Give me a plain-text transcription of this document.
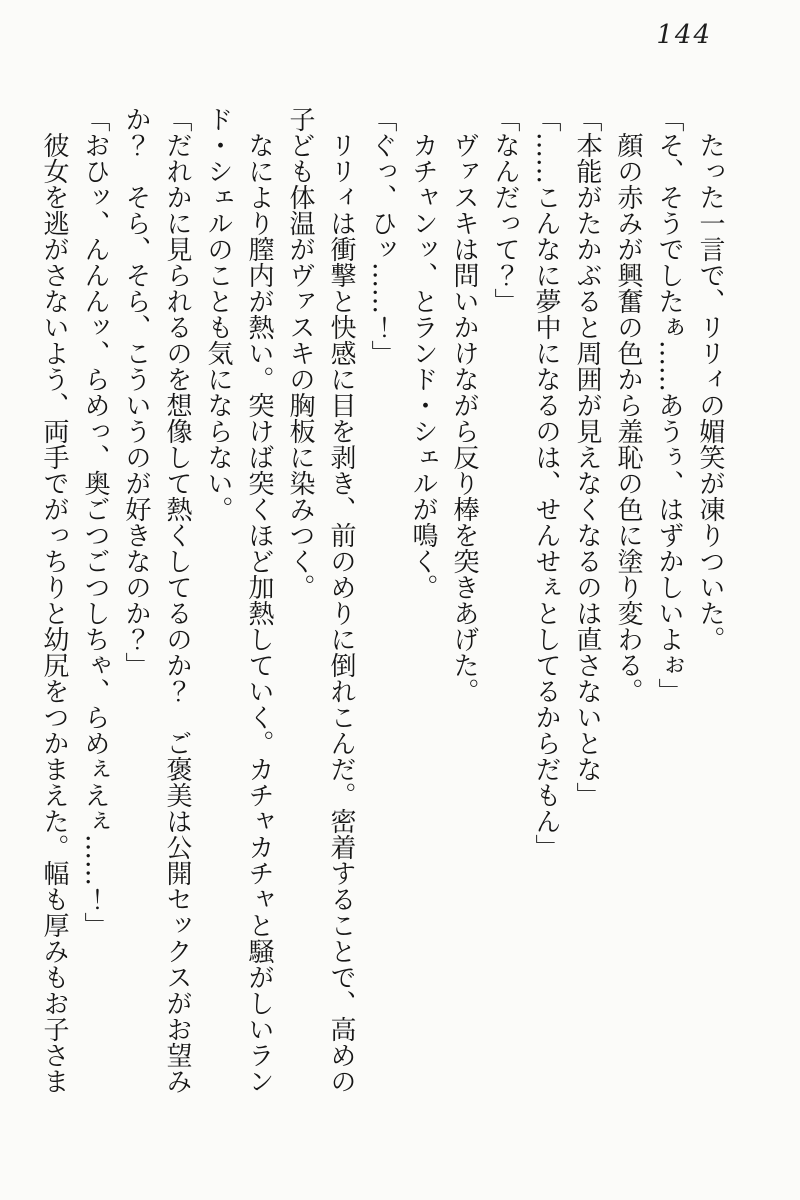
144
　たった一言で、リリィの媚笑が凍りついた。
「そ、そうでしたぁ……あうぅ、はずかしいよぉ」
　顔の赤みが興奮の色から羞恥の色に塗り変わる。
「本能がたかぶると周囲が見えなくなるのは直さないとな」
「……こんなに夢中になるのは、せんせぇとしてるからだもん」
「なんだって？」
　ヴァスキは問いかけながら反り棒を突きあげた。
　カチャンッ、とランド・シェルが鳴く。
「ぐっ、ひッ……！」
　リリィは衝撃と快感に目を剥き、前のめりに倒れこんだ。密着することで、高めの
子ども体温がヴァスキの胸板に染みつく。
　なにより膣内が熱い。突けば突くほど加熱していく。カチャカチャと騒がしいラン
ド・シェルのことも気にならない。
「だれかに見られるのを想像して熱くしてるのか？　ご褒美は公開セックスがお望み
か？　そら、そら、こういうのが好きなのか？」
「おひッ、んんんッ、らめっ、奥ごつごつしちゃ、らめぇえぇ……！」
　彼女を逃がさないよう、両手でがっちりと幼尻をつかまえた。幅も厚みもお子さま
